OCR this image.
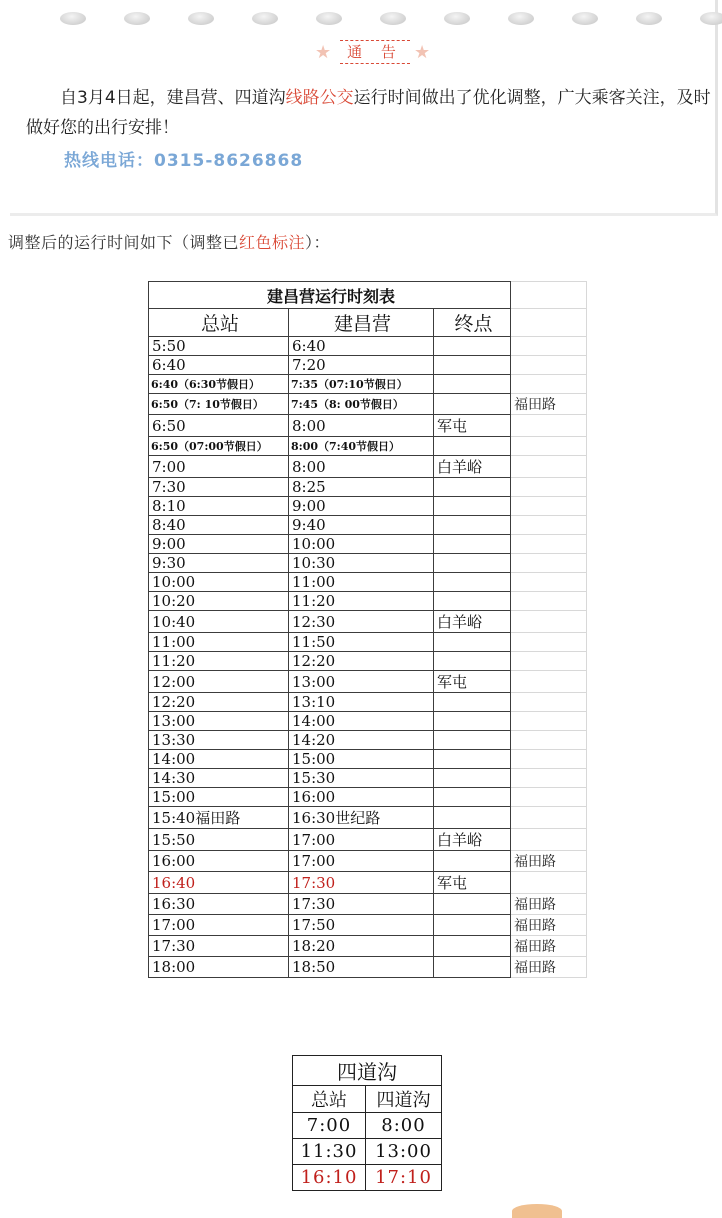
★	通 告 ★

自3月4日起，建昌营、四道沟线路公交运行时间做出了优化调整，广大乘客关注，及时做好您的出行安排！

热线电话：0315-8626868
调整后的运行时间如下（调整已红色标注）：
建昌营运行时刻表			
总站	建昌营	终点	
5:50	6:40		
6:40	7:20		
6:40（6:30节假日）	7:35（07:10节假日）		
6:50（7: 10节假日）	7:45（8: 00节假日）		福田路
6:50	8:00	军屯	
6:50（07:00节假日）	8:00（7:40节假日）		
7:00	8:00	白羊峪	
7:30	8:25		
8:10	9:00		
8:40	9:40		
9:00	10:00		
9:30	10:30		
10:00	11:00		
10:20	11:20		
10:40	12:30	白羊峪	
11:00	11:50		
11:20	12:20		
12:00	13:00	军屯	
12:20	13:10		
13:00	14:00		
13:30	14:20		
14:00	15:00		
14:30	15:30		
15:00	16:00		
15:40福田路	16:30世纪路		
15:50	17:00	白羊峪	
16:00	17:00		福田路
16:40	17:30	军屯	
16:30	17:30		福田路
17:00	17:50		福田路
17:30	18:20		福田路
18:00	18:50		福田路
四道沟	
总站	四道沟
7:00	8:00
11:30	13:00
16:10	17:10
